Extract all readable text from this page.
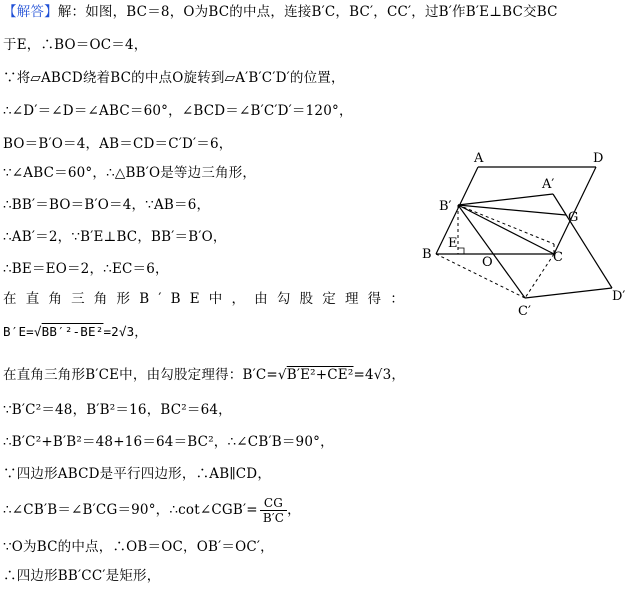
【解答】解：如图，BC＝8，O为BC的中点，连接B′C，BC′，CC′，过B′作B′E⊥BC交BC
于E，∴BO＝OC＝4，
∵将▱ABCD绕着BC的中点O旋转到▱A′B′C′D′的位置，
∴∠D′＝∠D＝∠ABC＝60°，∠BCD＝∠B′C′D′＝120°，
BO＝B′O＝4，AB＝CD＝C′D′＝6，
∵∠ABC＝60°，∴△BB′O是等边三角形，
∴BB′＝BO＝B′O＝4，∵AB＝6，
∴AB′＝2，∵B′E⊥BC，BB′＝B′O，
∴BE＝EO＝2，∴EC＝6，
在直角三角形B′BE中，由勾股定理得：
B′E=√BB′²-BE²=2√3，
在直角三角形B′CE中，由勾股定理得：B′C=√B′E²+CE²=4√3，
∵B′C²＝48，B′B²＝16，BC²＝64，
∴B′C²+B′B²＝48+16＝64＝BC²，∴∠CB′B＝90°，
∵四边形ABCD是平行四边形，∴AB∥CD，
∴∠CB′B＝∠B′CG＝90°，∴cot∠CGB′= $\frac{CG}{B'C}$ ，
∵O为BC的中点，∴OB＝OC，OB′＝OC′，
∴四边形BB′CC′是矩形，
A	D
A′
B′
G
E
B
O	C
D′
C′
